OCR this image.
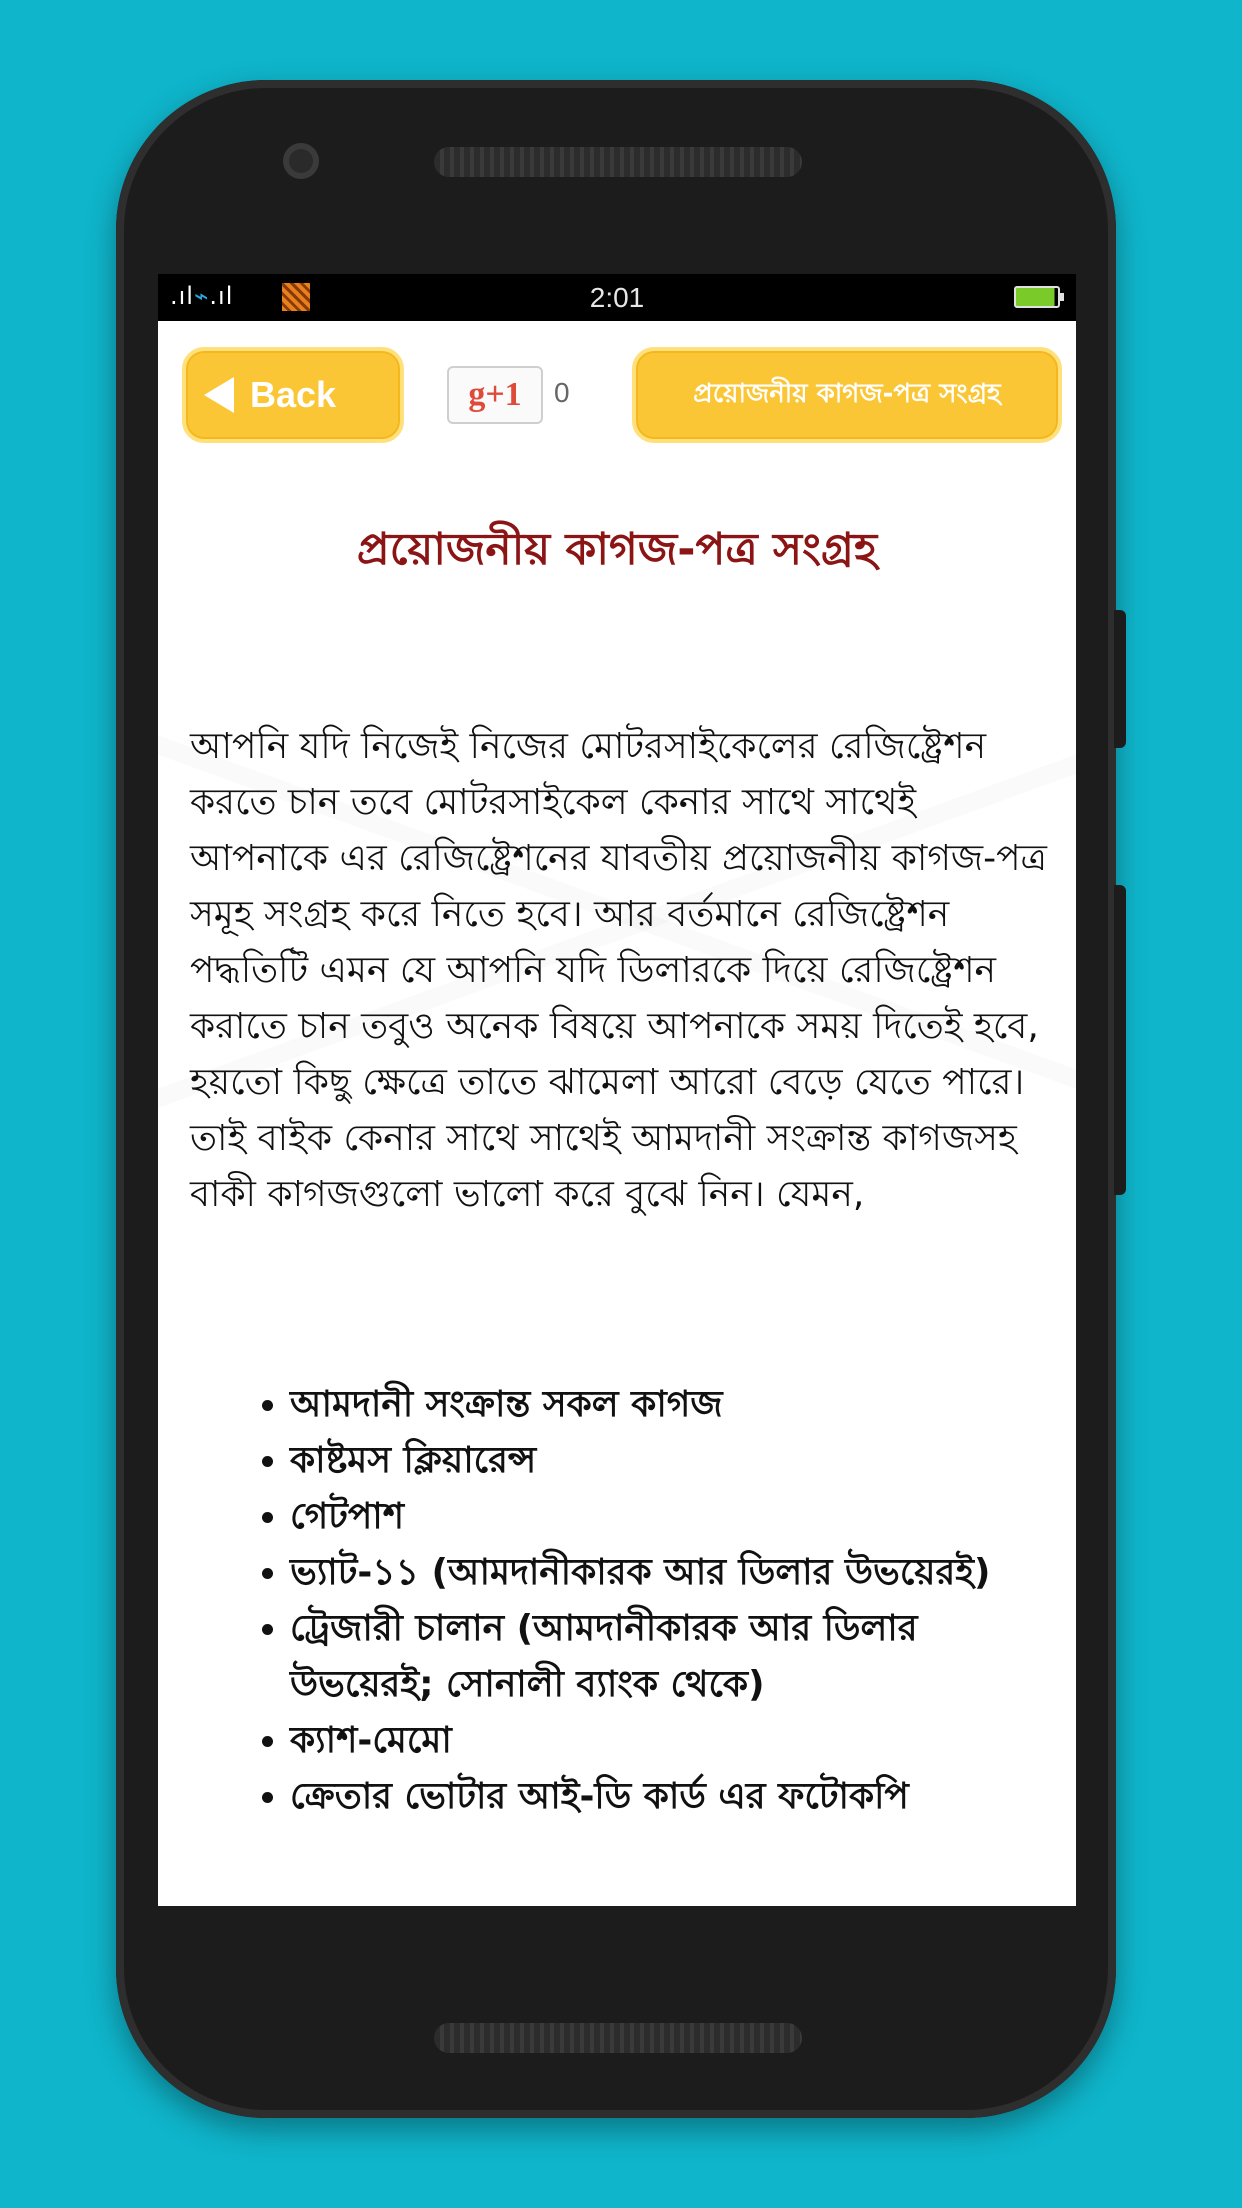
.ıl⌁.ıl	2:01
Back	g+1	0	প্রয়োজনীয় কাগজ-পত্র সংগ্রহ
প্রয়োজনীয় কাগজ-পত্র সংগ্রহ
আপনি যদি নিজেই নিজের মোটরসাইকেলের রেজিষ্ট্রেশন করতে চান তবে মোটরসাইকেল কেনার সাথে সাথেই আপনাকে এর রেজিষ্ট্রেশনের যাবতীয় প্রয়োজনীয় কাগজ-পত্র সমূহ সংগ্রহ করে নিতে হবে। আর বর্তমানে রেজিষ্ট্রেশন পদ্ধতিটি এমন যে আপনি যদি ডিলারকে দিয়ে রেজিষ্ট্রেশন করাতে চান তবুও অনেক বিষয়ে আপনাকে সময় দিতেই হবে, হয়তো কিছু ক্ষেত্রে তাতে ঝামেলা আরো বেড়ে যেতে পারে। তাই বাইক কেনার সাথে সাথেই আমদানী সংক্রান্ত কাগজসহ বাকী কাগজগুলো ভালো করে বুঝে নিন। যেমন,
• আমদানী সংক্রান্ত সকল কাগজ
• কাষ্টমস ক্লিয়ারেন্স
• গেটপাশ
• ভ্যাট-১১ (আমদানীকারক আর ডিলার উভয়েরই)
• ট্রেজারী চালান (আমদানীকারক আর ডিলার উভয়েরই; সোনালী ব্যাংক থেকে)
• ক্যাশ-মেমো
• ক্রেতার ভোটার আই-ডি কার্ড এর ফটোকপি
